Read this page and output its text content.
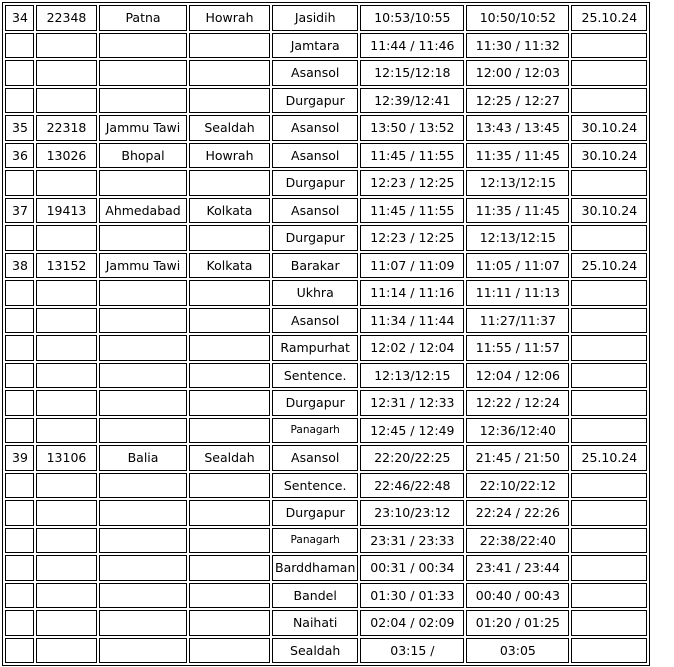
34	22348	Patna	Howrah	Jasidih	10:53/10:55	10:50/10:52	25.10.24
				Jamtara	11:44 / 11:46	11:30 / 11:32	
				Asansol	12:15/12:18	12:00 / 12:03	
				Durgapur	12:39/12:41	12:25 / 12:27	
35	22318	Jammu Tawi	Sealdah	Asansol	13:50 / 13:52	13:43 / 13:45	30.10.24
36	13026	Bhopal	Howrah	Asansol	11:45 / 11:55	11:35 / 11:45	30.10.24
				Durgapur	12:23 / 12:25	12:13/12:15	
37	19413	Ahmedabad	Kolkata	Asansol	11:45 / 11:55	11:35 / 11:45	30.10.24
				Durgapur	12:23 / 12:25	12:13/12:15	
38	13152	Jammu Tawi	Kolkata	Barakar	11:07 / 11:09	11:05 / 11:07	25.10.24
				Ukhra	11:14 / 11:16	11:11 / 11:13	
				Asansol	11:34 / 11:44	11:27/11:37	
				Rampurhat	12:02 / 12:04	11:55 / 11:57	
				Sentence.	12:13/12:15	12:04 / 12:06	
				Durgapur	12:31 / 12:33	12:22 / 12:24	
				Panagarh	12:45 / 12:49	12:36/12:40	
39	13106	Balia	Sealdah	Asansol	22:20/22:25	21:45 / 21:50	25.10.24
				Sentence.	22:46/22:48	22:10/22:12	
				Durgapur	23:10/23:12	22:24 / 22:26	
				Panagarh	23:31 / 23:33	22:38/22:40	
				Barddhaman	00:31 / 00:34	23:41 / 23:44	
				Bandel	01:30 / 01:33	00:40 / 00:43	
				Naihati	02:04 / 02:09	01:20 / 01:25	
				Sealdah	03:15 /	03:05	
